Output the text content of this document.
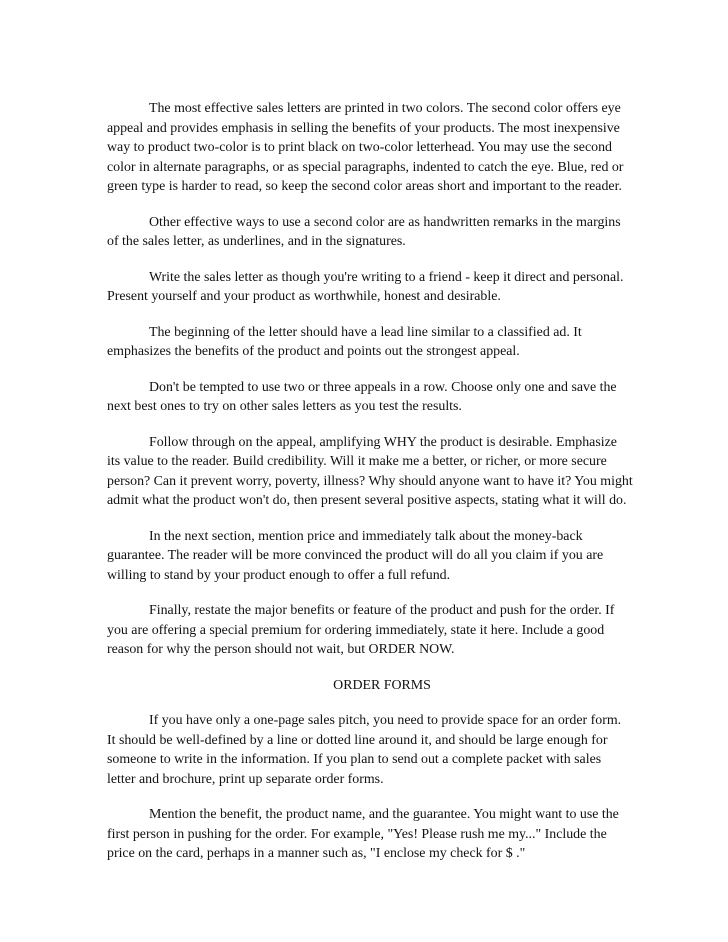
The most effective sales letters are printed in two colors. The second color offers eye appeal and provides emphasis in selling the benefits of your products. The most inexpensive way to product two-color is to print black on two-color letterhead. You may use the second color in alternate paragraphs, or as special paragraphs, indented to catch the eye. Blue, red or green type is harder to read, so keep the second color areas short and important to the reader.

Other effective ways to use a second color are as handwritten remarks in the margins of the sales letter, as underlines, and in the signatures.

Write the sales letter as though you're writing to a friend - keep it direct and personal. Present yourself and your product as worthwhile, honest and desirable.

The beginning of the letter should have a lead line similar to a classified ad. It emphasizes the benefits of the product and points out the strongest appeal.

Don't be tempted to use two or three appeals in a row. Choose only one and save the next best ones to try on other sales letters as you test the results.

Follow through on the appeal, amplifying WHY the product is desirable. Emphasize its value to the reader. Build credibility. Will it make me a better, or richer, or more secure person? Can it prevent worry, poverty, illness? Why should anyone want to have it? You might admit what the product won't do, then present several positive aspects, stating what it will do.

In the next section, mention price and immediately talk about the money-back guarantee. The reader will be more convinced the product will do all you claim if you are willing to stand by your product enough to offer a full refund.

Finally, restate the major benefits or feature of the product and push for the order. If you are offering a special premium for ordering immediately, state it here. Include a good reason for why the person should not wait, but ORDER NOW.

ORDER FORMS

If you have only a one-page sales pitch, you need to provide space for an order form. It should be well-defined by a line or dotted line around it, and should be large enough for someone to write in the information. If you plan to send out a complete packet with sales letter and brochure, print up separate order forms.

Mention the benefit, the product name, and the guarantee. You might want to use the first person in pushing for the order. For example, "Yes! Please rush me my..." Include the price on the card, perhaps in a manner such as, "I enclose my check for $ ."
